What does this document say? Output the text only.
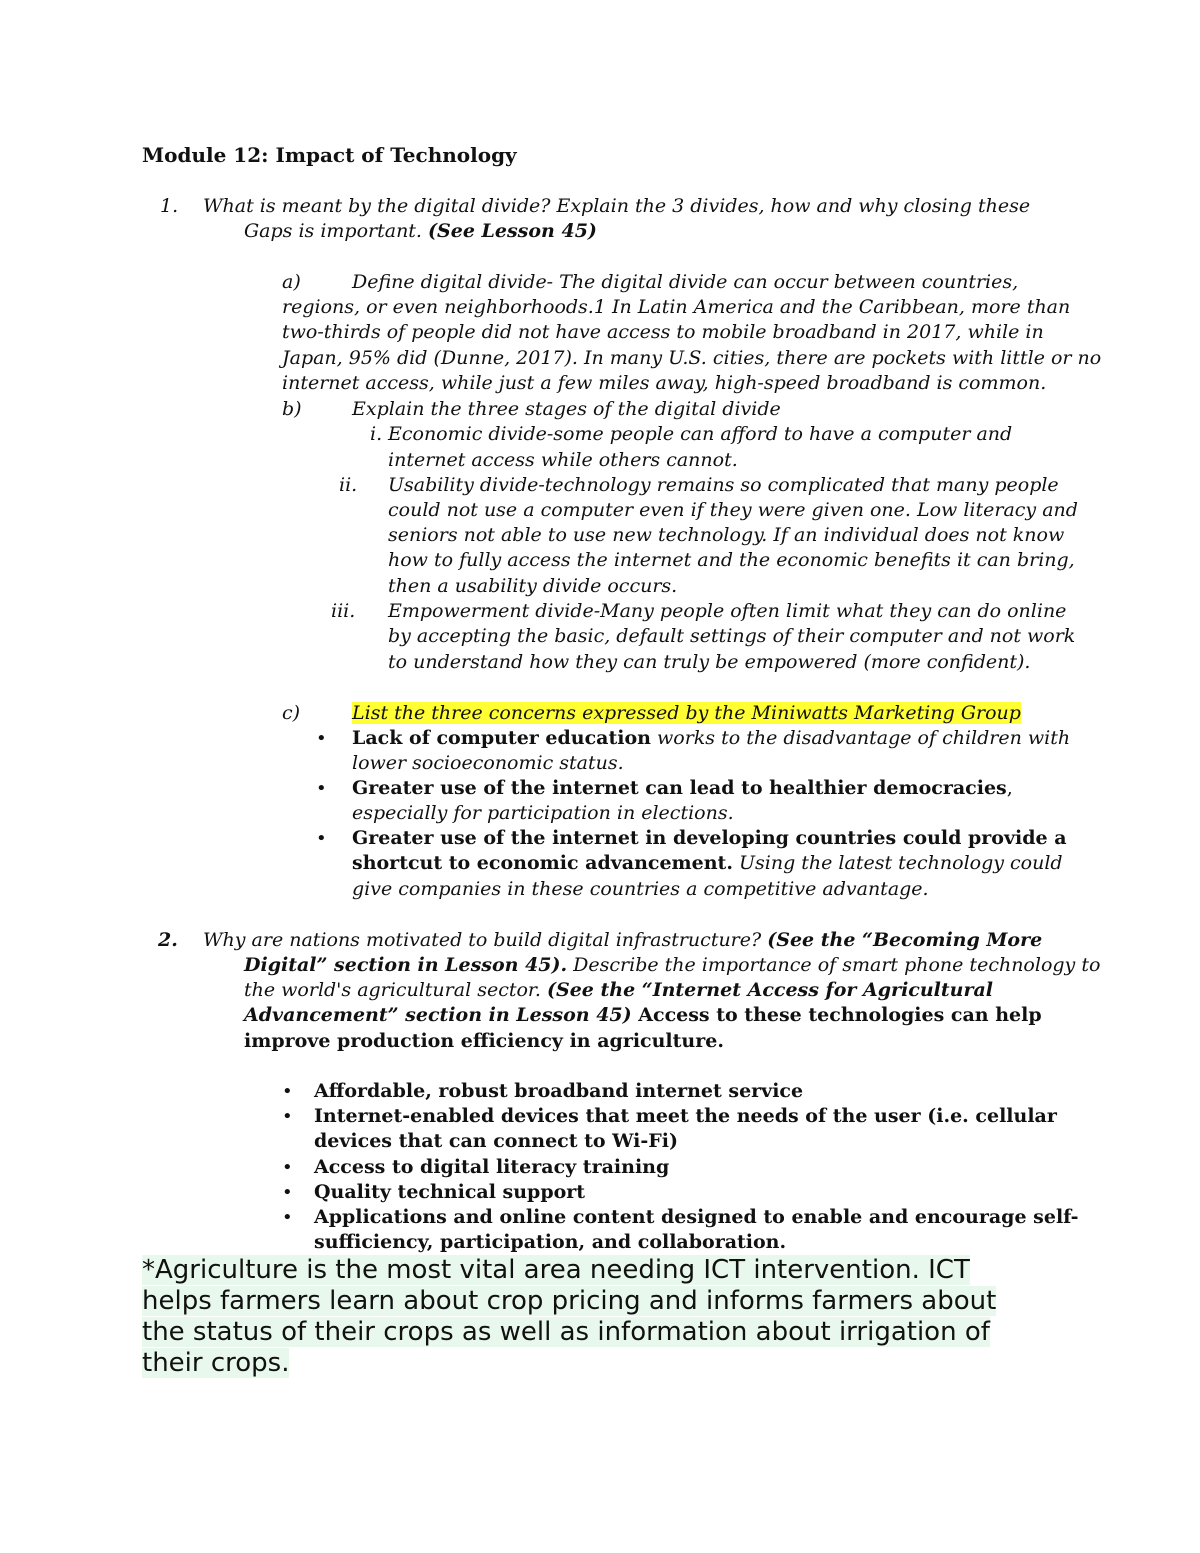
Module 12: Impact of Technology
1. What is meant by the digital divide? Explain the 3 divides, how and why closing these
Gaps is important. (See Lesson 45)
a)	Define digital divide- The digital divide can occur between countries,
regions, or even neighborhoods.1 In Latin America and the Caribbean, more than
two-thirds of people did not have access to mobile broadband in 2017, while in
Japan, 95% did (Dunne, 2017). In many U.S. cities, there are pockets with little or no
internet access, while just a few miles away, high-speed broadband is common.
b)	Explain the three stages of the digital divide
i. Economic divide-some people can afford to have a computer and
internet access while others cannot.
ii. Usability divide-technology remains so complicated that many people
could not use a computer even if they were given one. Low literacy and
seniors not able to use new technology. If an individual does not know
how to fully access the internet and the economic benefits it can bring,
then a usability divide occurs.
iii. Empowerment divide-Many people often limit what they can do online
by accepting the basic, default settings of their computer and not work
to understand how they can truly be empowered (more confident).
c)	List the three concerns expressed by the Miniwatts Marketing Group
• Lack of computer education works to the disadvantage of children with
lower socioeconomic status.
• Greater use of the internet can lead to healthier democracies,
especially for participation in elections.
• Greater use of the internet in developing countries could provide a
shortcut to economic advancement. Using the latest technology could
give companies in these countries a competitive advantage.
2. Why are nations motivated to build digital infrastructure? (See the “Becoming More
Digital” section in Lesson 45). Describe the importance of smart phone technology to
the world's agricultural sector. (See the “Internet Access for Agricultural
Advancement” section in Lesson 45) Access to these technologies can help
improve production efficiency in agriculture.
• Affordable, robust broadband internet service
• Internet-enabled devices that meet the needs of the user (i.e. cellular
devices that can connect to Wi-Fi)
• Access to digital literacy training
• Quality technical support
• Applications and online content designed to enable and encourage self-
sufficiency, participation, and collaboration.
*Agriculture is the most vital area needing ICT intervention. ICT
helps farmers learn about crop pricing and informs farmers about
the status of their crops as well as information about irrigation of
their crops.
